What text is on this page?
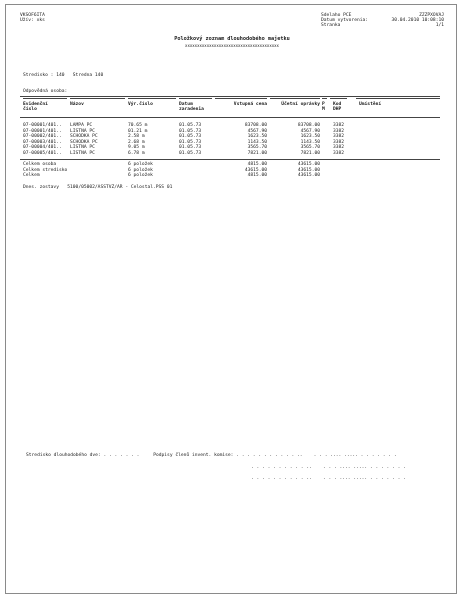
VKSOF6ITA
Užív: xks
Sdelaho PCE
Datum vytvorenia:
Stranka
ZZZPXOVAJ
30.04.2010 10:08:10
1/1
Položkový zoznam dlouhodobého majetku
xxxxxxxxxxxxxxxxxxxxxxxxxxxxxxxxxxxxxxx
Stredisko : 140   Stredna 140
Odpovědná osoba:
Evidenční
číslo
Názov	Výr.číslo	Datum
zaradenia
Vstupná cena	Účetní oprávky P
M
Kod
DHP
Umístění
07-00001/401.. LAMPA PC	70.65 m	01.05.73	83708.00	83708.00	3382
07-00001/401.. LISTNA PC	01.21 m	01.05.73	4567.90	4567.90	3382
07-00002/401.. SCHODKA PC	2.58 m	01.05.73	1623.50	1623.50	3382
07-00003/401.. SCHODKA PC	2.68 m	01.05.73	1143.50	1143.50	3382
07-00004/401.. LISTNA PC	9.05 m	01.05.73	3565.70	3565.70	3382
07-00005/401.. LISTNA PC	6.78 m	01.05.73	7821.00	7821.00	3382
Celkem osoba	6 položek	4815.00	43615.00
Celkem stredisko	6 položek	43615.00	43615.00
Celkem	6 položek	4815.00	43615.00
Dnes. zostavy   5100/05002/ASSTVZ/AR - Celostal.PSS 01
Stredisko dlouhodobého dve: . . . . . . .     Podpisy členů invent. komise: . . . . . . . . . . . ..    . . . .... ..... . . . . . . .
. . . . . . . . . . ..    . . . .... ..... . . . . . . .
. . . . . . . . . . ..    . . . .... ..... . . . . . . .
